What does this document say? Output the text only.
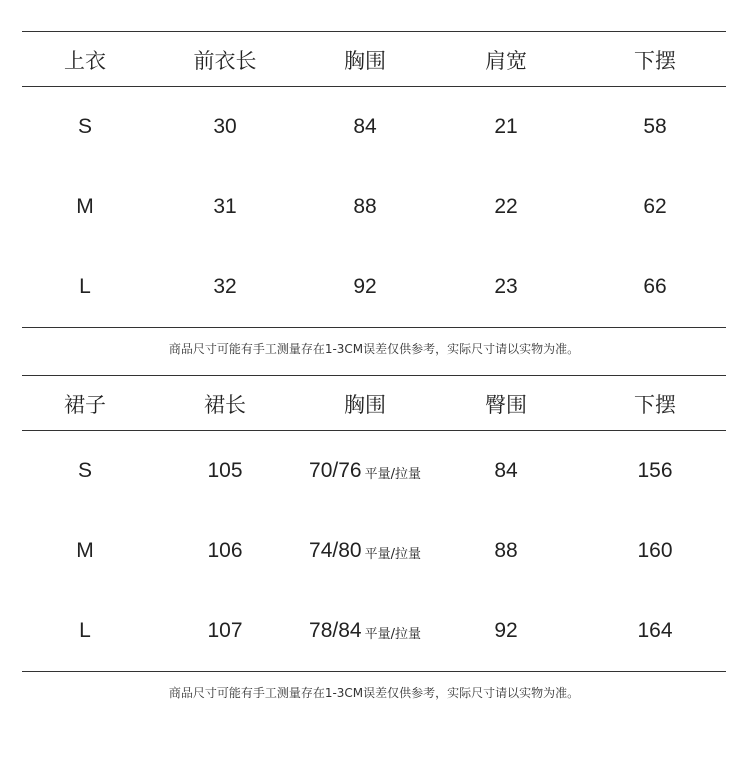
上衣	前衣长	胸围	肩宽	下摆
S	30	84	21	58
M	31	88	22	62
L	32	92	23	66
商品尺寸可能有手工测量存在1-3CM误差仅供参考，实际尺寸请以实物为准。
裙子	裙长	胸围	臀围	下摆
S	105	70/76 平量/拉量	84	156
M	106	74/80 平量/拉量	88	160
L	107	78/84 平量/拉量	92	164
商品尺寸可能有手工测量存在1-3CM误差仅供参考，实际尺寸请以实物为准。
